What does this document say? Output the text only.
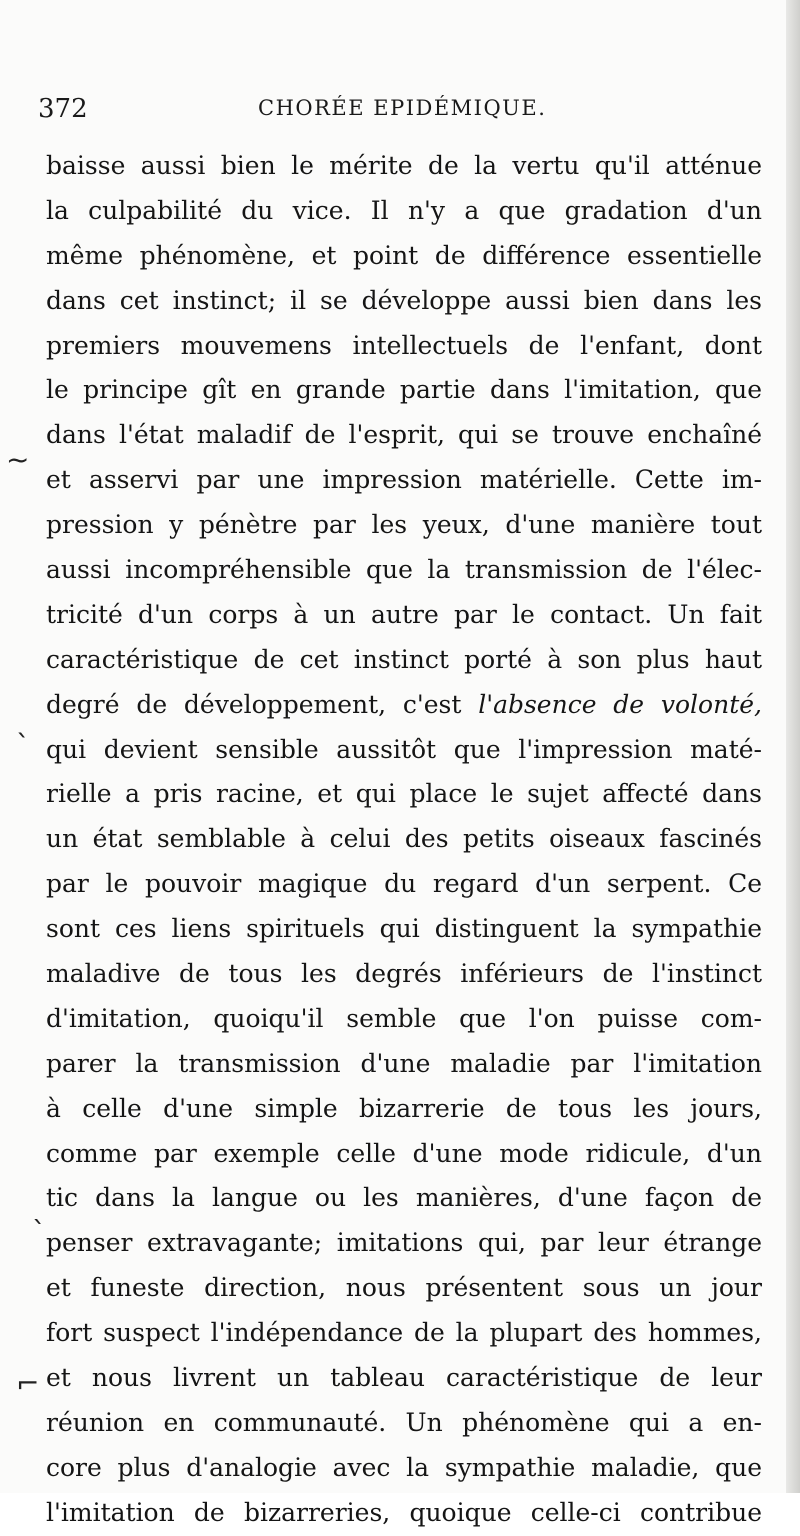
372	CHORÉE EPIDÉMIQUE.
~
ˎ
ˋ
⌐
baisse aussi bien le mérite de la vertu qu'il atténue
la culpabilité du vice. Il n'y a que gradation d'un
même phénomène, et point de différence essentielle
dans cet instinct; il se développe aussi bien dans les
premiers mouvemens intellectuels de l'enfant, dont
le principe gît en grande partie dans l'imitation, que
dans l'état maladif de l'esprit, qui se trouve enchaîné
et asservi par une impression matérielle. Cette im-
pression y pénètre par les yeux, d'une manière tout
aussi incompréhensible que la transmission de l'élec-
tricité d'un corps à un autre par le contact. Un fait
caractéristique de cet instinct porté à son plus haut
degré de développement, c'est l'absence de volonté,
qui devient sensible aussitôt que l'impression maté-
rielle a pris racine, et qui place le sujet affecté dans
un état semblable à celui des petits oiseaux fascinés
par le pouvoir magique du regard d'un serpent. Ce
sont ces liens spirituels qui distinguent la sympathie
maladive de tous les degrés inférieurs de l'instinct
d'imitation, quoiqu'il semble que l'on puisse com-
parer la transmission d'une maladie par l'imitation
à celle d'une simple bizarrerie de tous les jours,
comme par exemple celle d'une mode ridicule, d'un
tic dans la langue ou les manières, d'une façon de
penser extravagante; imitations qui, par leur étrange
et funeste direction, nous présentent sous un jour
fort suspect l'indépendance de la plupart des hommes,
et nous livrent un tableau caractéristique de leur
réunion en communauté. Un phénomène qui a en-
core plus d'analogie avec la sympathie maladie, que
l'imitation de bizarreries, quoique celle-ci contribue
